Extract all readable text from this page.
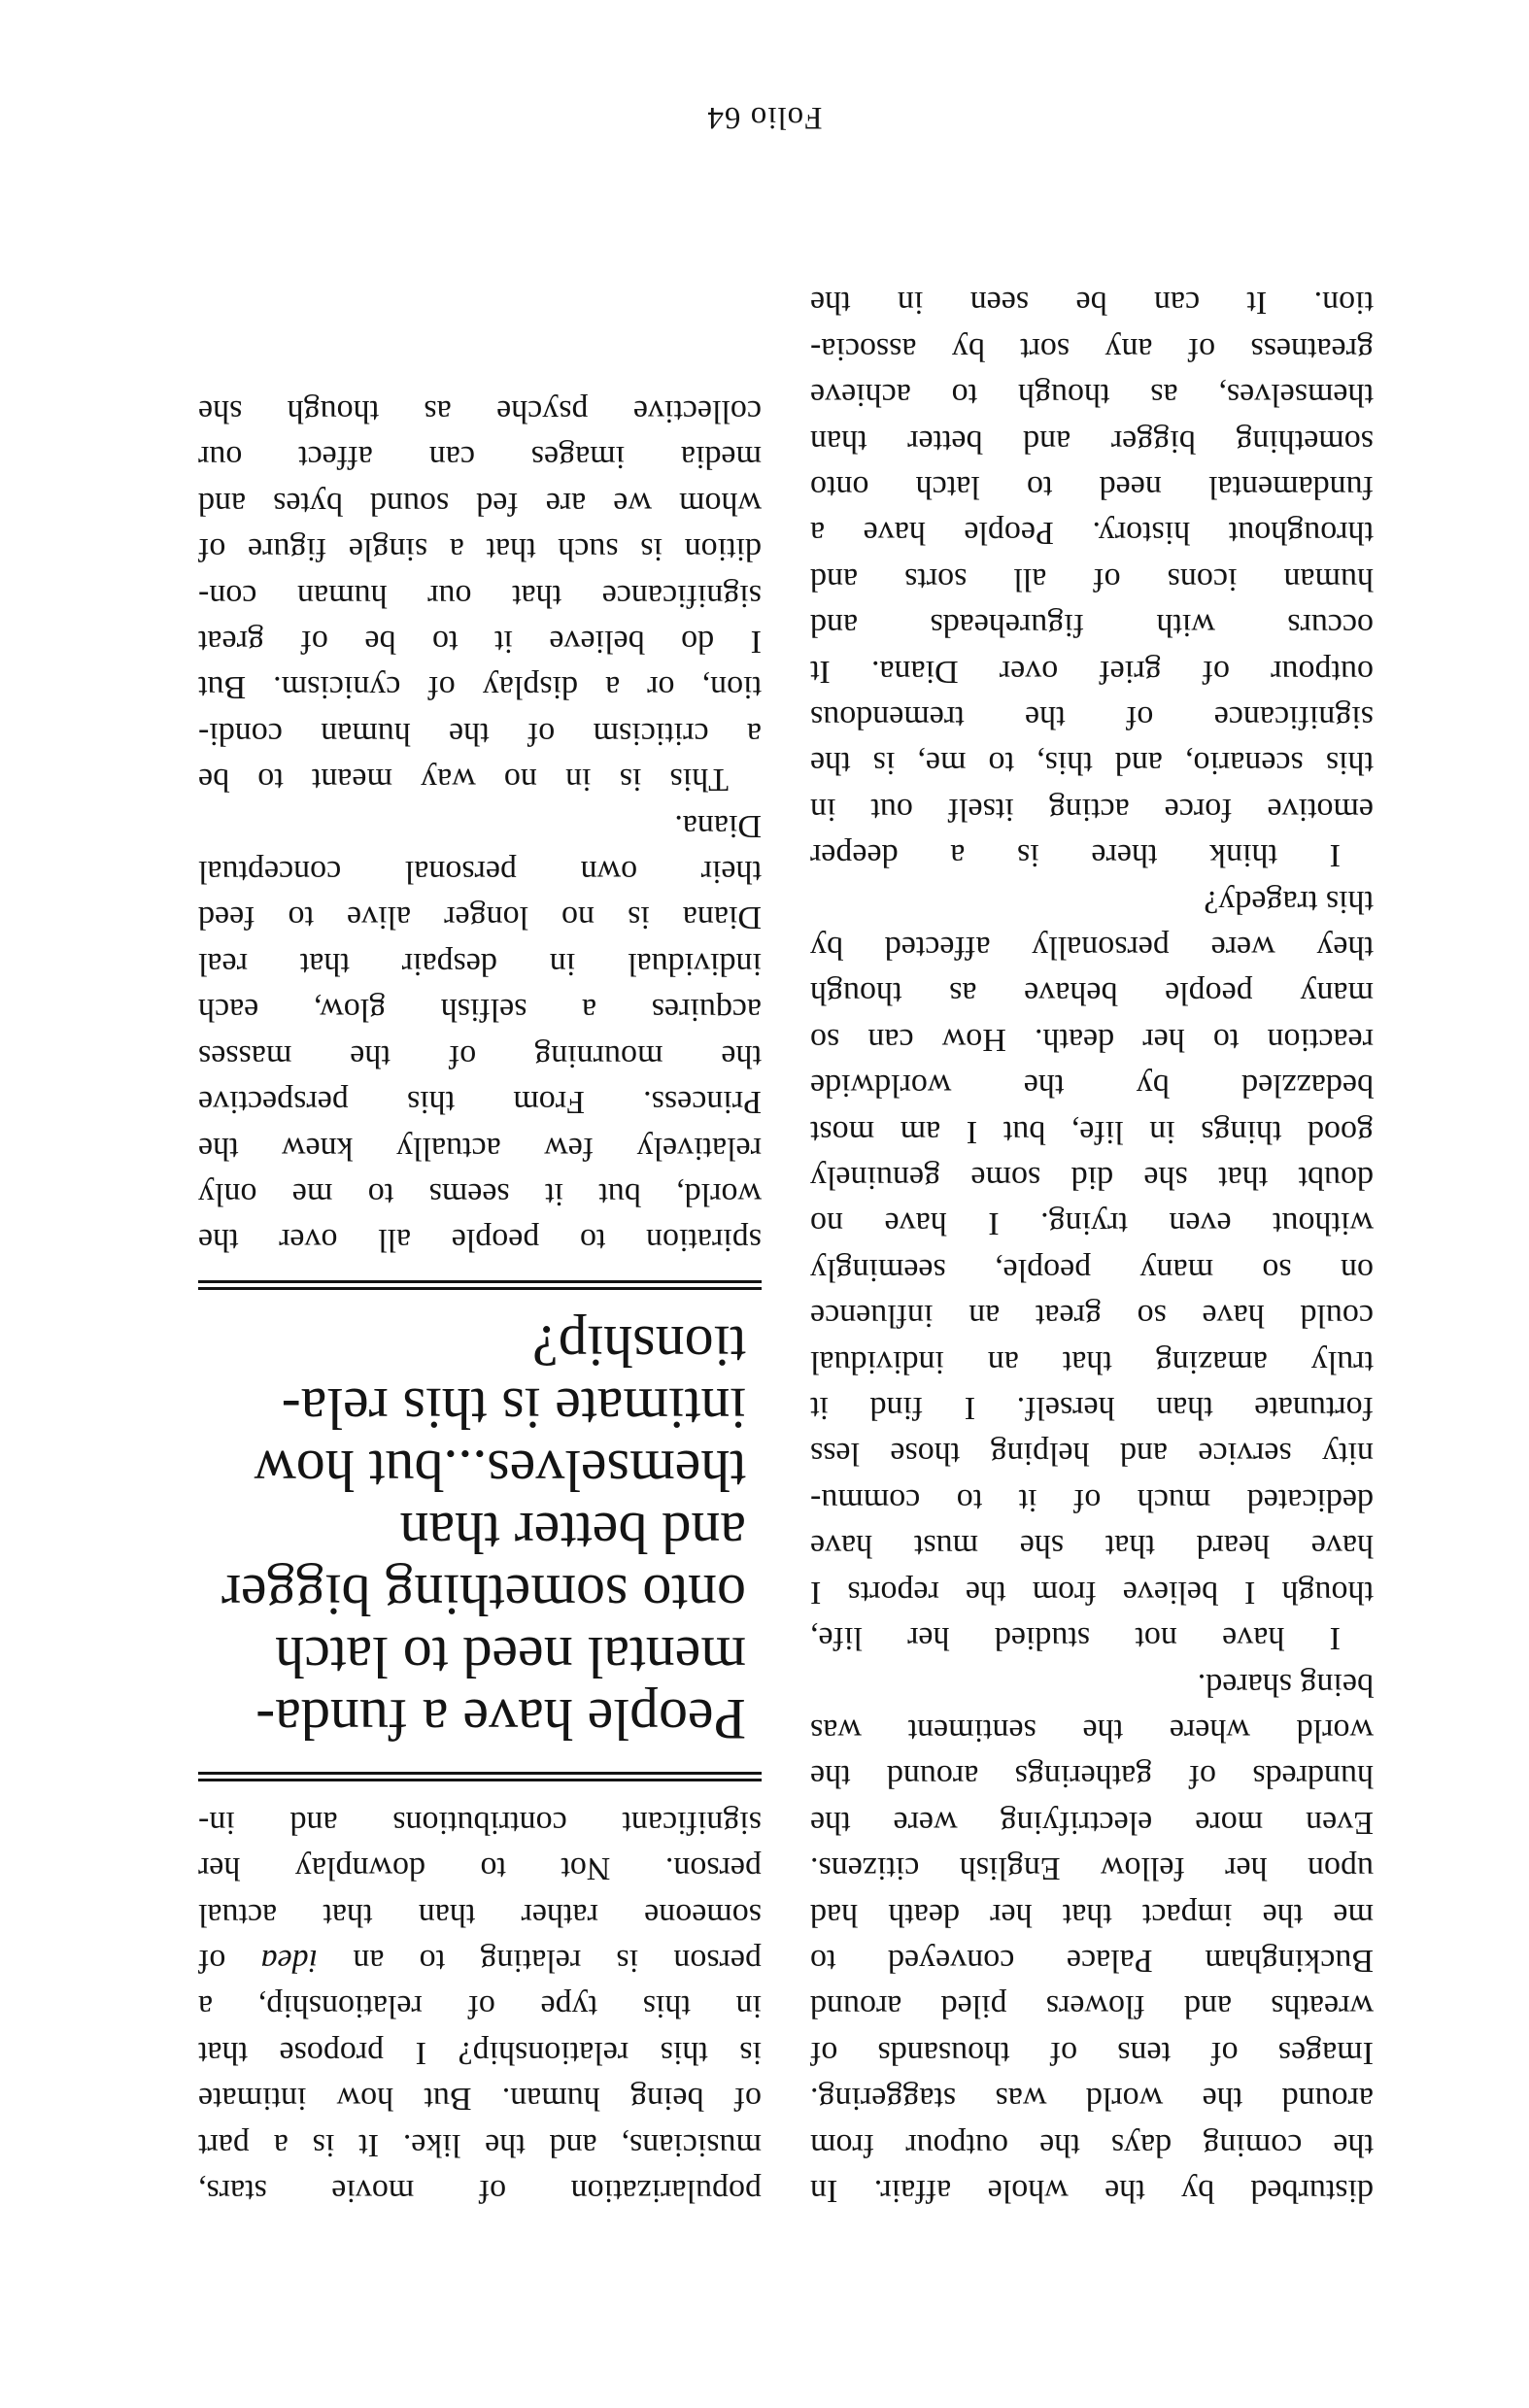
disturbed by the whole affair. In

the coming days the outpour from

around the world was staggering.

Images of tens of thousands of

wreaths and flowers piled around

Buckingham Palace conveyed to

me the impact that her death had

upon her fellow English citizens.

Even more electrifying were the

hundreds of gatherings around the

world where the sentiment was

being shared.

I have not studied her life,

though I believe from the reports I

have heard that she must have

dedicated much of it to commu-

nity service and helping those less

fortunate than herself. I find it

truly amazing that an individual

could have so great an influence

on so many people, seemingly

without even trying. I have no

doubt that she did some genuinely

good things in life, but I am most

bedazzled by the worldwide

reaction to her death. How can so

many people behave as though

they were personally affected by

this tragedy?

I think there is a deeper

emotive force acting itself out in

this scenario, and this, to me, is the

significance of the tremendous

outpour of grief over Diana. It

occurs with figureheads and

human icons of all sorts and

throughout history. People have a

fundamental need to latch onto

something bigger and better than

themselves, as though to achieve

greatness of any sort by associa-

tion. It can be seen in the

popularization of movie stars,

musicians, and the like. It is a part

of being human. But how intimate

is this relationship? I propose that

in this type of relationship, a

person is relating to an idea of

someone rather than that actual

person. Not to downplay her

significant contributions and in-

People have a funda-
mental need to latch
onto something bigger
and better than
themselves...but how
intimate is this rela-
tionship?

spiration to people all over the

world, but it seems to me only

relatively few actually knew the

Princess. From this perspective

the mourning of the masses

acquires a selfish glow, each

individual in despair that real

Diana is no longer alive to feed

their own personal conceptual

Diana.

This is in no way meant to be

a criticism of the human condi-

tion, or a display of cynicism. But

I do believe it to be of great

significance that our human con-

dition is such that a single figure of

whom we are fed sound bytes and

media images can affect our

collective psyche as though she

Folio 64
